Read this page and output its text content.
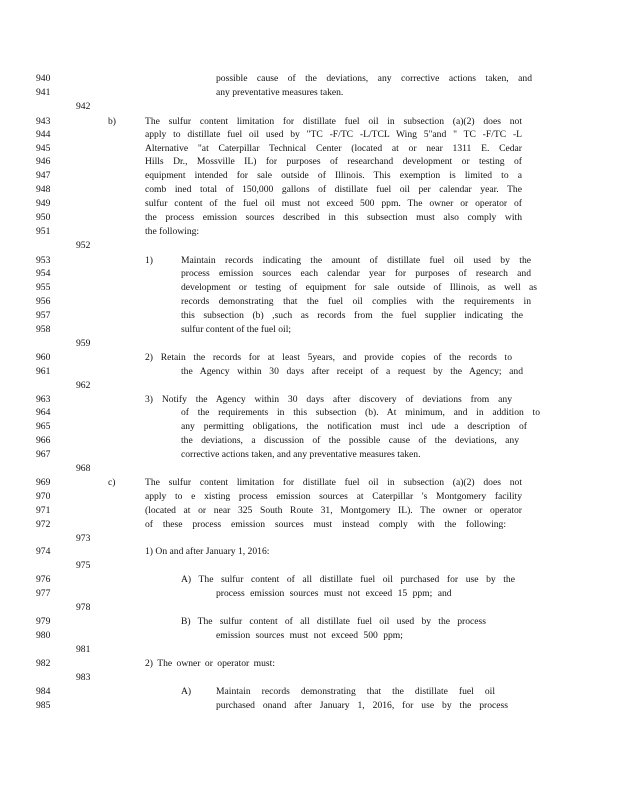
940	possible cause of the deviations, any corrective actions taken, and
941	any preventative measures taken.
942
943	b)	The sulfur content limitation for distillate fuel oil in subsection (a)(2) does not
944	apply to distillate fuel oil used by "TC -F/TC -L/TCL Wing 5"and " TC -F/TC -L
945	Alternative "at Caterpillar Technical Center (located at or near 1311 E. Cedar
946	Hills Dr., Mossville IL) for purposes of researchand development or testing of
947	equipment intended for sale outside of Illinois. This exemption is limited to a
948	comb ined total of 150,000 gallons of distillate fuel oil per calendar year. The
949	sulfur content of the fuel oil must not exceed 500 ppm. The owner or operator of
950	the process emission sources described in this subsection must also comply with
951	the following:
952
953	1)	Maintain records indicating the amount of distillate fuel oil used by the
954	process emission sources each calendar year for purposes of research and
955	development or testing of equipment for sale outside of Illinois, as well as
956	records demonstrating that the fuel oil complies with the requirements in
957	this subsection (b) ,such as records from the fuel supplier indicating the
958	sulfur content of the fuel oil;
959
960	2) Retain the records for at least 5years, and provide copies of the records to
961	the Agency within 30 days after receipt of a request by the Agency; and
962
963	3) Notify the Agency within 30 days after discovery of deviations from any
964	of the requirements in this subsection (b). At minimum, and in addition to
965	any permitting obligations, the notification must incl ude a description of
966	the deviations, a discussion of the possible cause of the deviations, any
967	corrective actions taken, and any preventative measures taken.
968
969	c)	The sulfur content limitation for distillate fuel oil in subsection (a)(2) does not
970	apply to e xisting process emission sources at Caterpillar 's Montgomery facility
971	(located at or near 325 South Route 31, Montgomery IL). The owner or operator
972	of these process emission sources must instead comply with the following:
973
974	1) On and after January 1, 2016:
975
976	A) The sulfur content of all distillate fuel oil purchased for use by the
977	process emission sources must not exceed 15 ppm; and
978
979	B) The sulfur content of all distillate fuel oil used by the process
980	emission sources must not exceed 500 ppm;
981
982	2) The owner or operator must:
983
984	A)	Maintain records demonstrating that the distillate fuel oil
985	purchased onand after January 1, 2016, for use by the process
